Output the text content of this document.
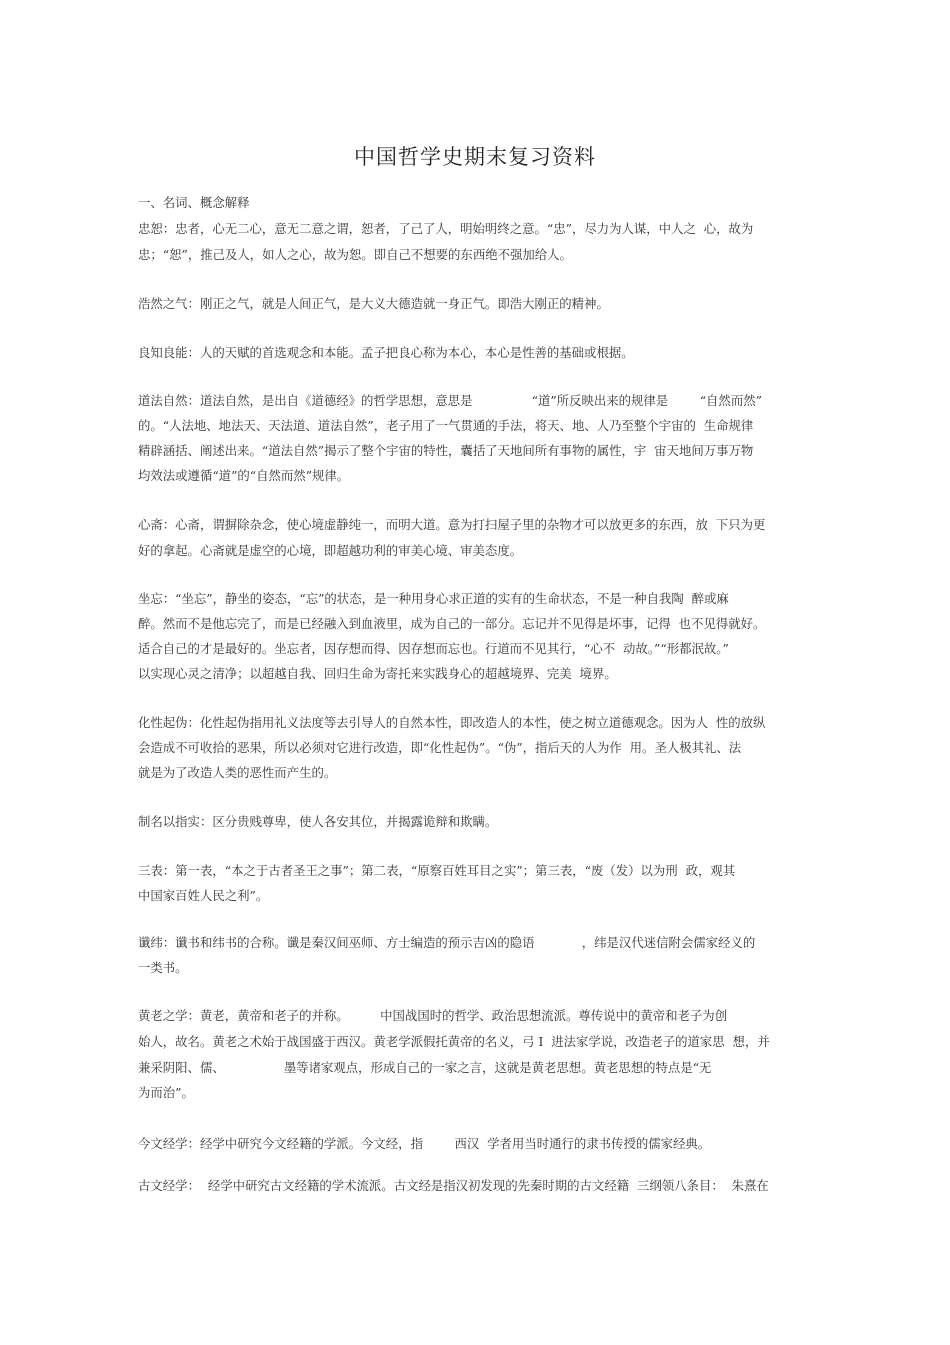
中国哲学史期末复习资料
一、名词、概念解释
忠恕：忠者，心无二心，意无二意之谓，恕者，了己了人，明始明终之意。“忠”，尽力为人谋，中人之  心，故为
忠；“恕”，推己及人，如人之心，故为恕。即自己不想要的东西绝不强加给人。
浩然之气：刚正之气，就是人间正气，是大义大德造就一身正气。即浩大刚正的精神。
良知良能：人的天赋的首选观念和本能。孟子把良心称为本心，本心是性善的基础或根据。
道法自然：道法自然，是出自《道德经》的哲学思想，意思是               “道”所反映出来的规律是        “自然而然”
的。“人法地、地法天、天法道、道法自然”，老子用了一气贯通的手法，将天、地、人乃至整个宇宙的  生命规律
精辟涵括、阐述出来。“道法自然”揭示了整个宇宙的特性，囊括了天地间所有事物的属性，宇  宙天地间万事万物
均效法或遵循“道”的“自然而然”规律。
心斋：心斋，谓摒除杂念，使心境虚静纯一，而明大道。意为打扫屋子里的杂物才可以放更多的东西，放  下只为更
好的拿起。心斋就是虚空的心境，即超越功利的审美心境、审美态度。
坐忘：“坐忘”，静坐的姿态，“忘”的状态，是一种用身心求正道的实有的生命状态，不是一种自我陶  醉或麻
醉。然而不是他忘完了，而是已经融入到血液里，成为自己的一部分。忘记并不见得是坏事，记得  也不见得就好。
适合自己的才是最好的。坐忘者，因存想而得、因存想而忘也。行道而不见其行，“心不  动故。”“形都泯故。”
以实现心灵之清净；以超越自我、回归生命为寄托来实践身心的超越境界、完美  境界。
化性起伪：化性起伪指用礼义法度等去引导人的自然本性，即改造人的本性，使之树立道德观念。因为人  性的放纵
会造成不可收拾的恶果，所以必须对它进行改造，即“化性起伪”。“伪”，指后天的人为作  用。圣人极其礼、法
就是为了改造人类的恶性而产生的。
制名以指实：区分贵贱尊卑，使人各安其位，并揭露诡辩和欺瞒。
三表：第一表，“本之于古者圣王之事”；第二表，“原察百姓耳目之实”；第三表，“废（发）以为刑  政，观其
中国家百姓人民之利”。
谶纬：谶书和纬书的合称。谶是秦汉间巫师、方士编造的预示吉凶的隐语            ，纬是汉代迷信附会儒家经义的
一类书。
黄老之学：黄老，黄帝和老子的并称。        中国战国时的哲学、政治思想流派。尊传说中的黄帝和老子为创
始人，故名。黄老之术始于战国盛于西汉。黄老学派假托黄帝的名义，弓 I  进法家学说，改造老子的道家思  想，并
兼采阴阳、儒、               墨等诸家观点，形成自己的一家之言，这就是黄老思想。黄老思想的特点是“无
为而治”。
今文经学：经学中研究今文经籍的学派。今文经，指        西汉  学者用当时通行的隶书传授的儒家经典。
古文经学：  经学中研究古文经籍的学术流派。古文经是指汉初发现的先秦时期的古文经籍  三纲领八条目：  朱熹在
